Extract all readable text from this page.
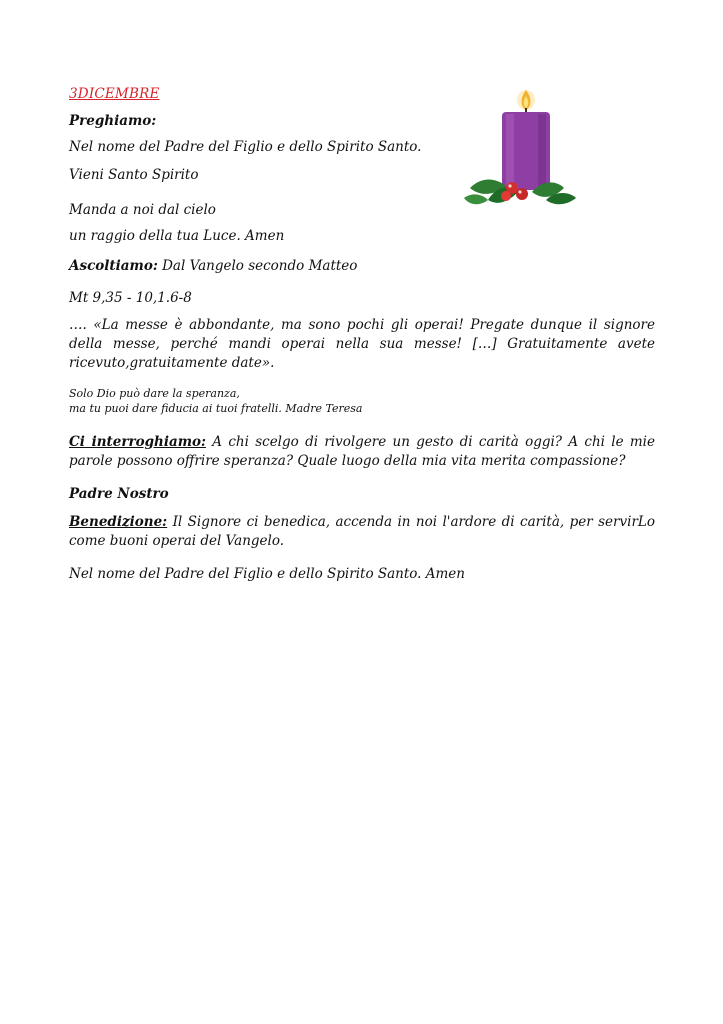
3DICEMBRE
Preghiamo:
Nel nome del Padre del Figlio e dello Spirito Santo.
Vieni Santo Spirito
Manda a noi dal cielo
un raggio della tua Luce. Amen
Ascoltiamo: Dal Vangelo secondo Matteo
Mt 9,35 - 10,1.6-8
…. «La messe è abbondante, ma sono pochi gli operai! Pregate dunque il signore della messe, perché mandi operai nella sua messe! […] Gratuitamente avete ricevuto,gratuitamente date».
Solo Dio può dare la speranza,
ma tu puoi dare fiducia ai tuoi fratelli. Madre Teresa
Ci interroghiamo: A chi scelgo di rivolgere un gesto di carità oggi? A chi le mie parole possono offrire speranza? Quale luogo della mia vita merita compassione?
Padre Nostro
Benedizione: Il Signore ci benedica, accenda in noi l'ardore di carità, per servirLo come buoni operai del Vangelo.
Nel nome del Padre del Figlio e dello Spirito Santo. Amen
